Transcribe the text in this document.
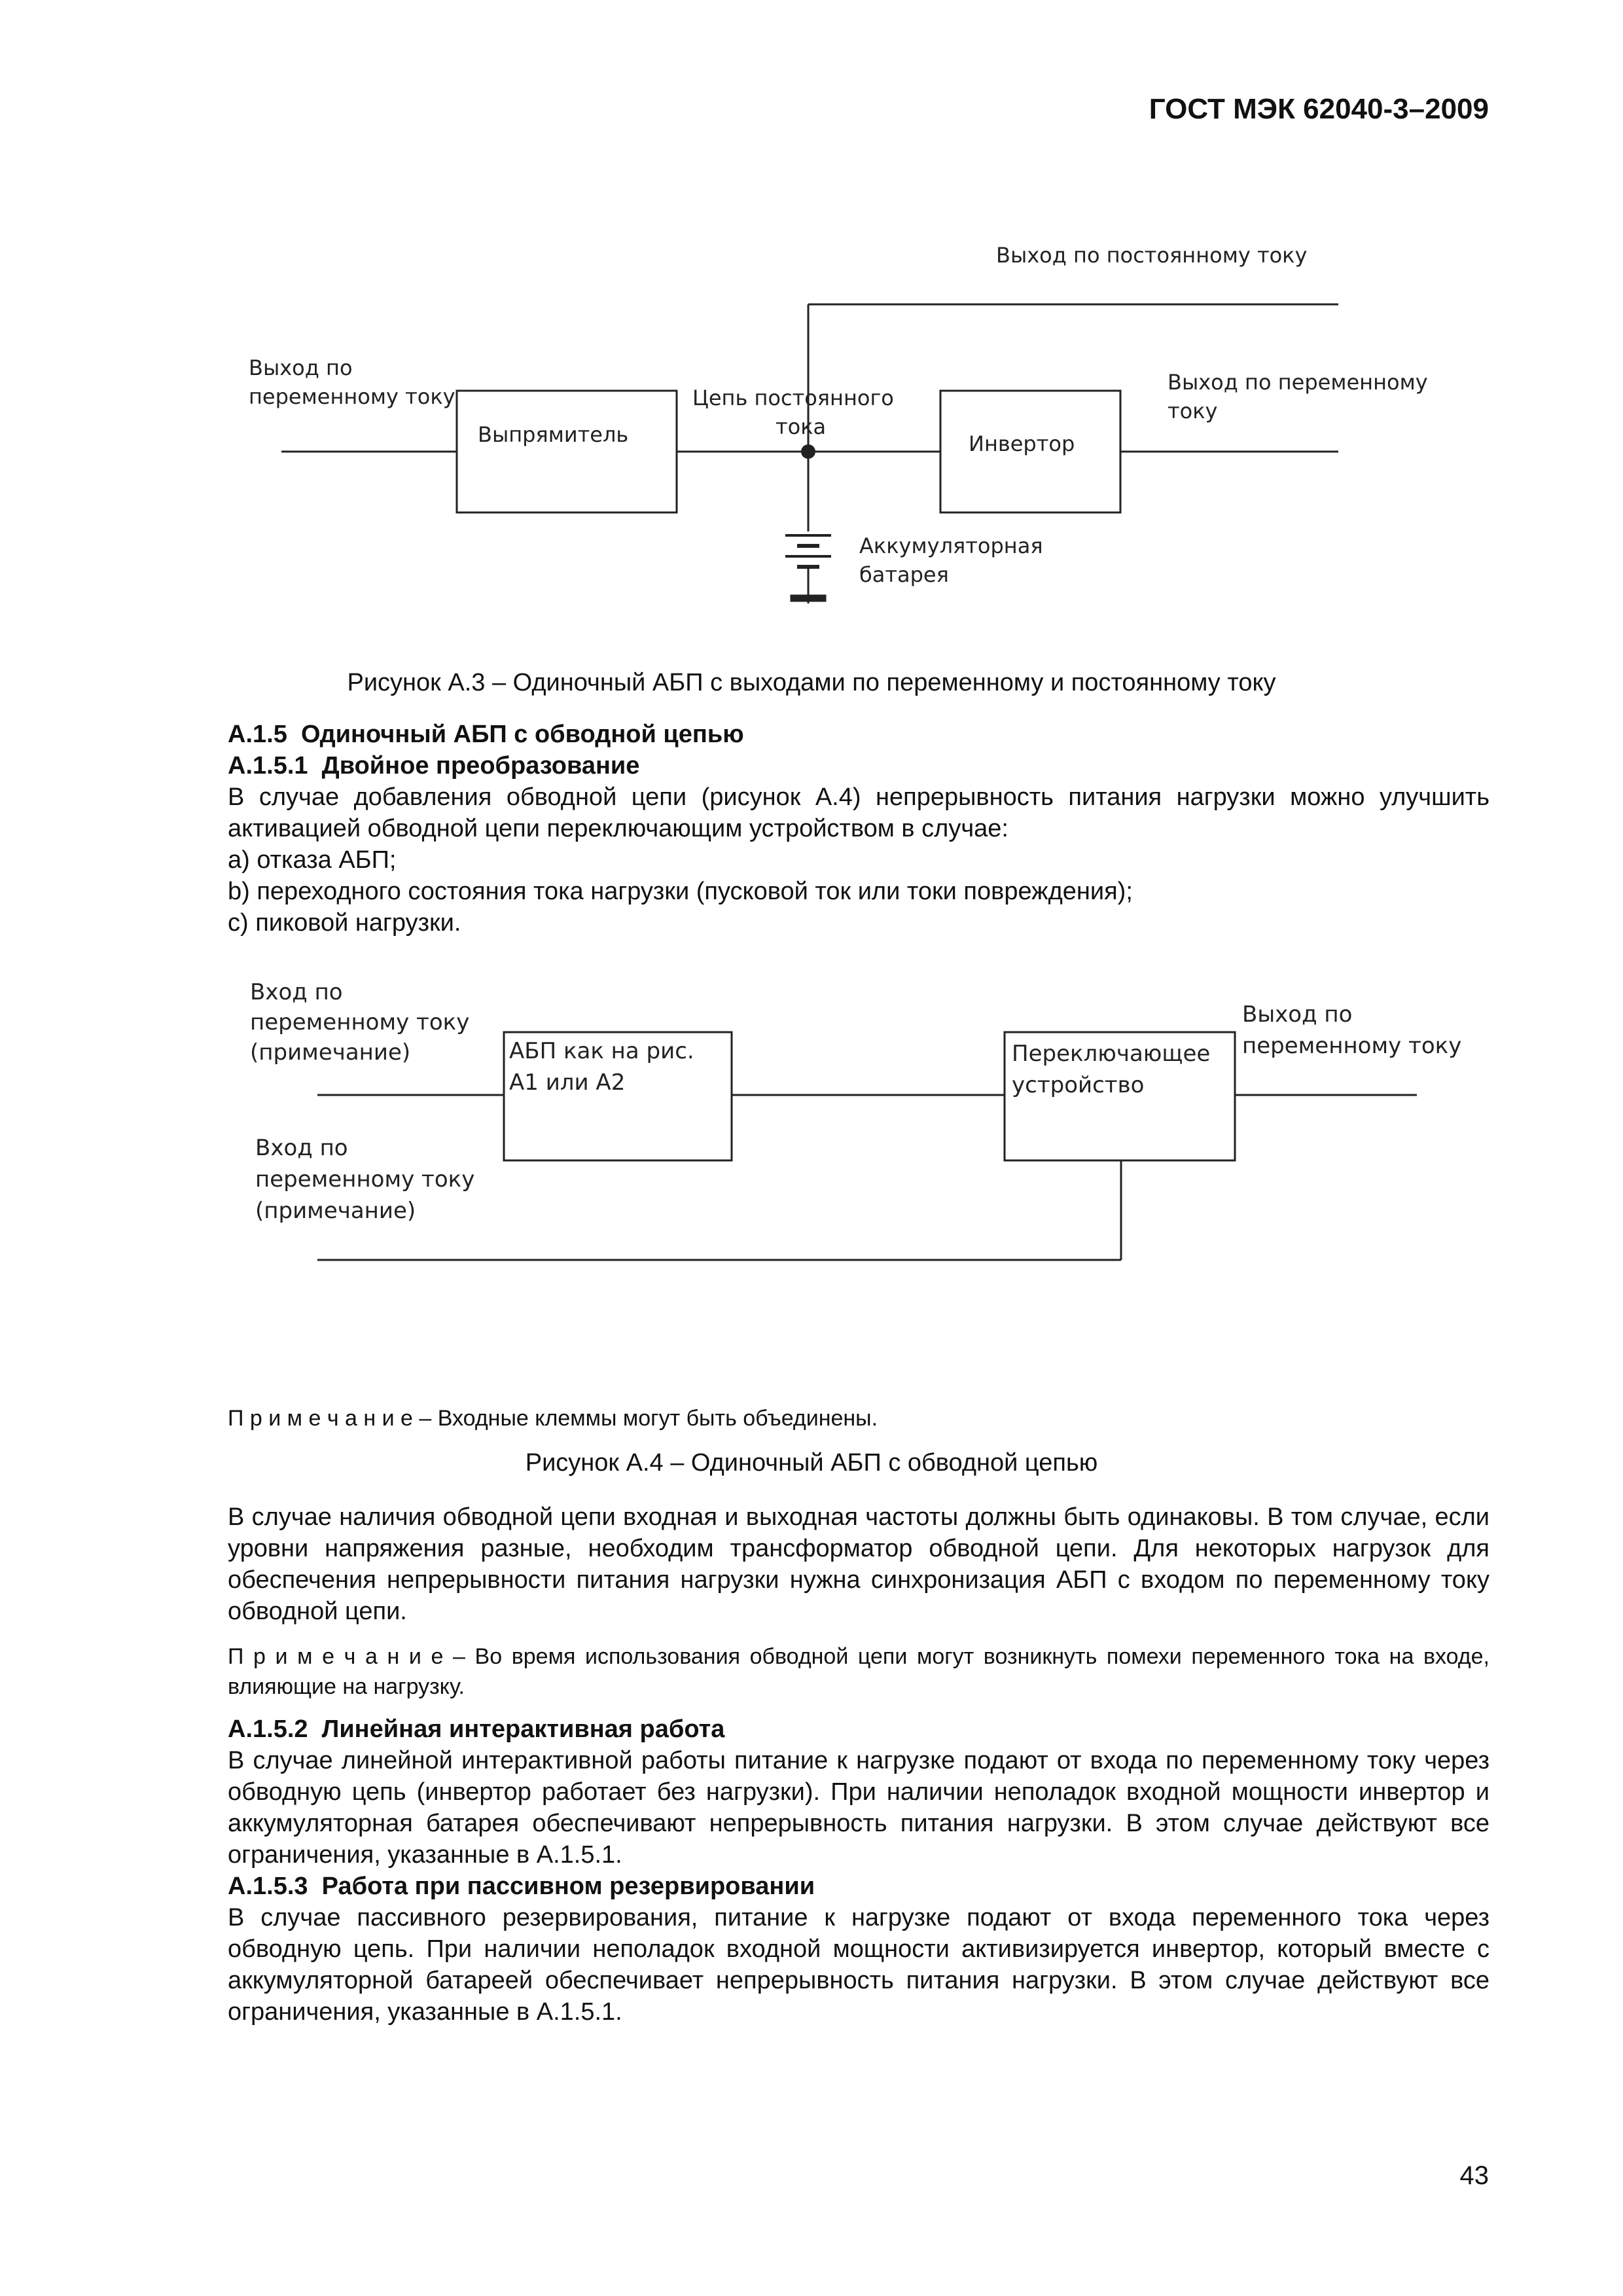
ГОСТ МЭК 62040-3–2009
Выход по постоянному току
Выход по
переменному току
Выпрямитель
Цепь постоянного
тока
Инвертор
Выход по переменному
току
Аккумуляторная
батарея
Рисунок А.3 – Одиночный АБП с выходами по переменному и постоянному току

А.1.5 Одиночный АБП с обводной цепью

А.1.5.1 Двойное преобразование

В случае добавления обводной цепи (рисунок А.4) непрерывность питания нагрузки можно улучшить активацией обводной цепи переключающим устройством в случае:

а) отказа АБП;

b) переходного состояния тока нагрузки (пусковой ток или токи повреждения);

с) пиковой нагрузки.

Вход по
переменному току
(примечание)	АБП как на рис.
А1 или А2
Переключающее
устройство
Выход по
переменному току
Вход по
переменному току
(примечание)
П р и м е ч а н и е – Входные клеммы могут быть объединены.
Рисунок А.4 – Одиночный АБП с обводной цепью

В случае наличия обводной цепи входная и выходная частоты должны быть одинаковы. В том случае, если уровни напряжения разные, необходим трансформатор обводной цепи. Для некоторых нагрузок для обеспечения непрерывности питания нагрузки нужна синхронизация АБП с входом по переменному току обводной цепи.

П р и м е ч а н и е – Во время использования обводной цепи могут возникнуть помехи переменного тока на входе, влияющие на нагрузку.

А.1.5.2 Линейная интерактивная работа

В случае линейной интерактивной работы питание к нагрузке подают от входа по переменному току через обводную цепь (инвертор работает без нагрузки). При наличии неполадок входной мощности инвертор и аккумуляторная батарея обеспечивают непрерывность питания нагрузки. В этом случае действуют все ограничения, указанные в А.1.5.1.

А.1.5.3 Работа при пассивном резервировании

В случае пассивного резервирования, питание к нагрузке подают от входа переменного тока через обводную цепь. При наличии неполадок входной мощности активизируется инвертор, который вместе с аккумуляторной батареей обеспечивает непрерывность питания нагрузки. В этом случае действуют все ограничения, указанные в А.1.5.1.

43
